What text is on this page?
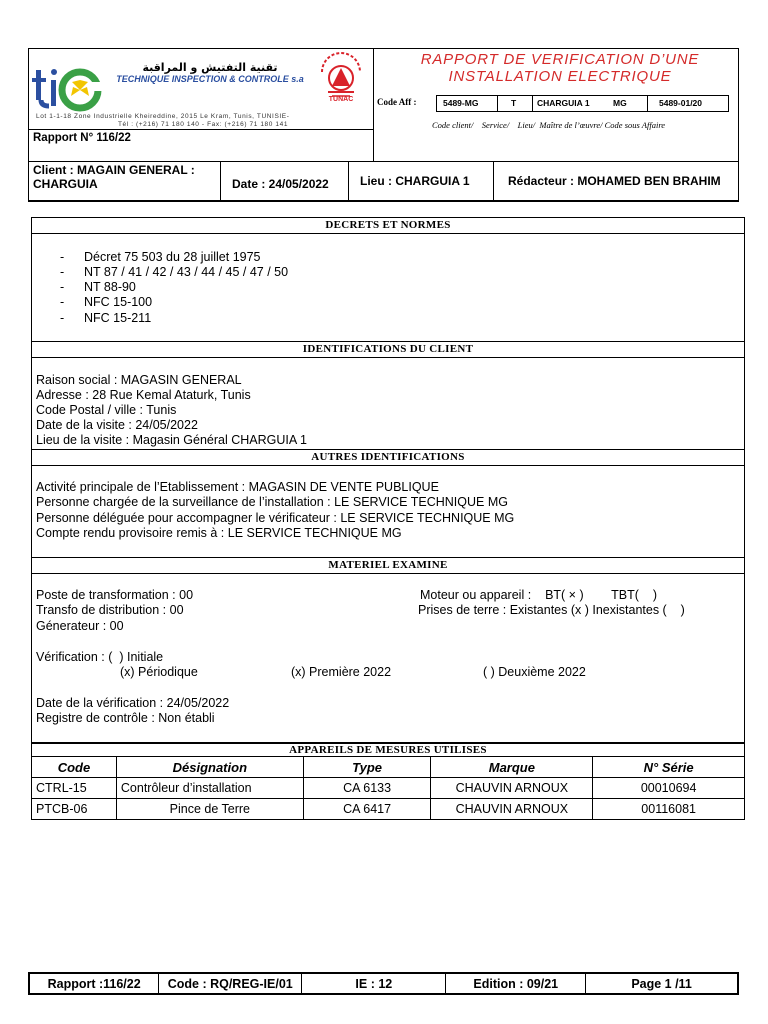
تقنية التفتيش و المراقبة
TECHNIQUE INSPECTION & CONTROLE s.a
Lot 1-1-18 Zone Industrielle Kheireddine, 2015 Le Kram, Tunis, TUNISIE-
Tél : (+216) 71 180 140 - Fax: (+216) 71 180 141
TUNAC
Rapport N° 116/22
RAPPORT DE VERIFICATION D’UNE
INSTALLATION ELECTRIQUE
Code Aff :	5489-MG	T CHARGUIA 1	MG	5489-01/20
Code client/    Service/    Lieu/  Maître de l’œuvre/ Code sous Affaire
Client : MAGAIN GENERAL : CHARGUIA	Date : 24/05/2022	Lieu : CHARGUIA 1	Rédacteur : MOHAMED BEN BRAHIM
DECRETS ET NORMES
- Décret 75 503 du 28 juillet 1975
- NT 87 / 41 / 42 / 43 / 44 / 45 / 47 / 50
- NT 88-90
- NFC 15-100
- NFC 15-211
IDENTIFICATIONS DU CLIENT
Raison social : MAGASIN GENERAL
Adresse : 28 Rue Kemal Ataturk, Tunis
Code Postal / ville : Tunis
Date de la visite : 24/05/2022
Lieu de la visite : Magasin Général CHARGUIA 1
AUTRES IDENTIFICATIONS
Activité principale de l’Etablissement : MAGASIN DE VENTE PUBLIQUE
Personne chargée de la surveillance de l’installation : LE SERVICE TECHNIQUE MG
Personne déléguée pour accompagner le vérificateur : LE SERVICE TECHNIQUE MG
Compte rendu provisoire remis à : LE SERVICE TECHNIQUE MG
MATERIEL EXAMINE
Poste de transformation : 00
Transfo de distribution : 00
Génerateur : 00
Moteur ou appareil :    BT( × )        TBT(    )
Prises de terre : Existantes (x ) Inexistantes (    )
Vérification : (  ) Initiale
(x) Périodique	(x) Première 2022	( ) Deuxième 2022
Date de la vérification : 24/05/2022
Registre de contrôle : Non établi
APPAREILS DE MESURES UTILISES
Code	Désignation	Type	Marque	N° Série
CTRL-15	Contrôleur d’installation	CA 6133	CHAUVIN ARNOUX	00010694
PTCB-06	Pince de Terre	CA 6417	CHAUVIN ARNOUX	00116081
Rapport :116/22	Code : RQ/REG-IE/01	IE : 12	Edition : 09/21	Page 1 /11
